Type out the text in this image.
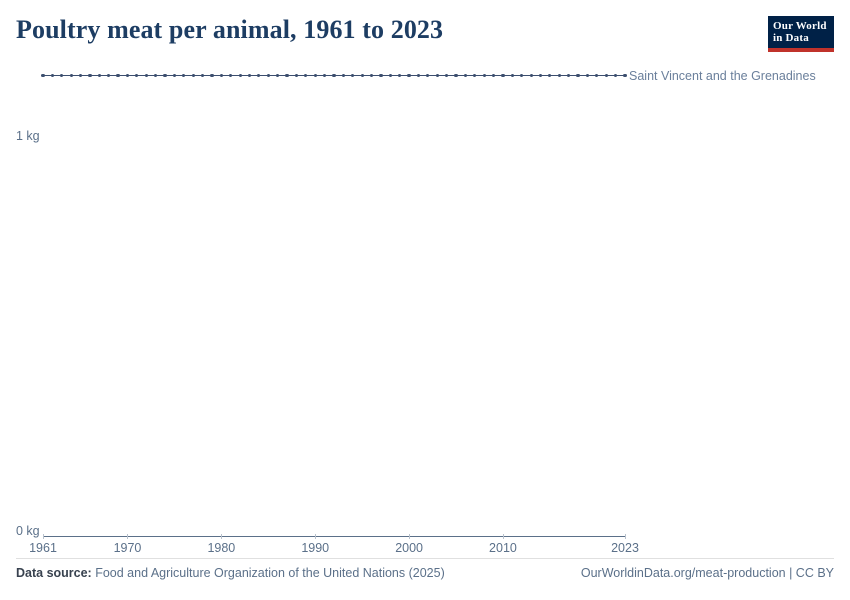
Poultry meat per animal, 1961 to 2023	Our World
in Data
1 kg
0 kg
Saint Vincent and the Grenadines
1961	1970	1980	1990	2000	2010	2023
Data source: Food and Agriculture Organization of the United Nations (2025)	OurWorldinData.org/meat-production | CC BY
